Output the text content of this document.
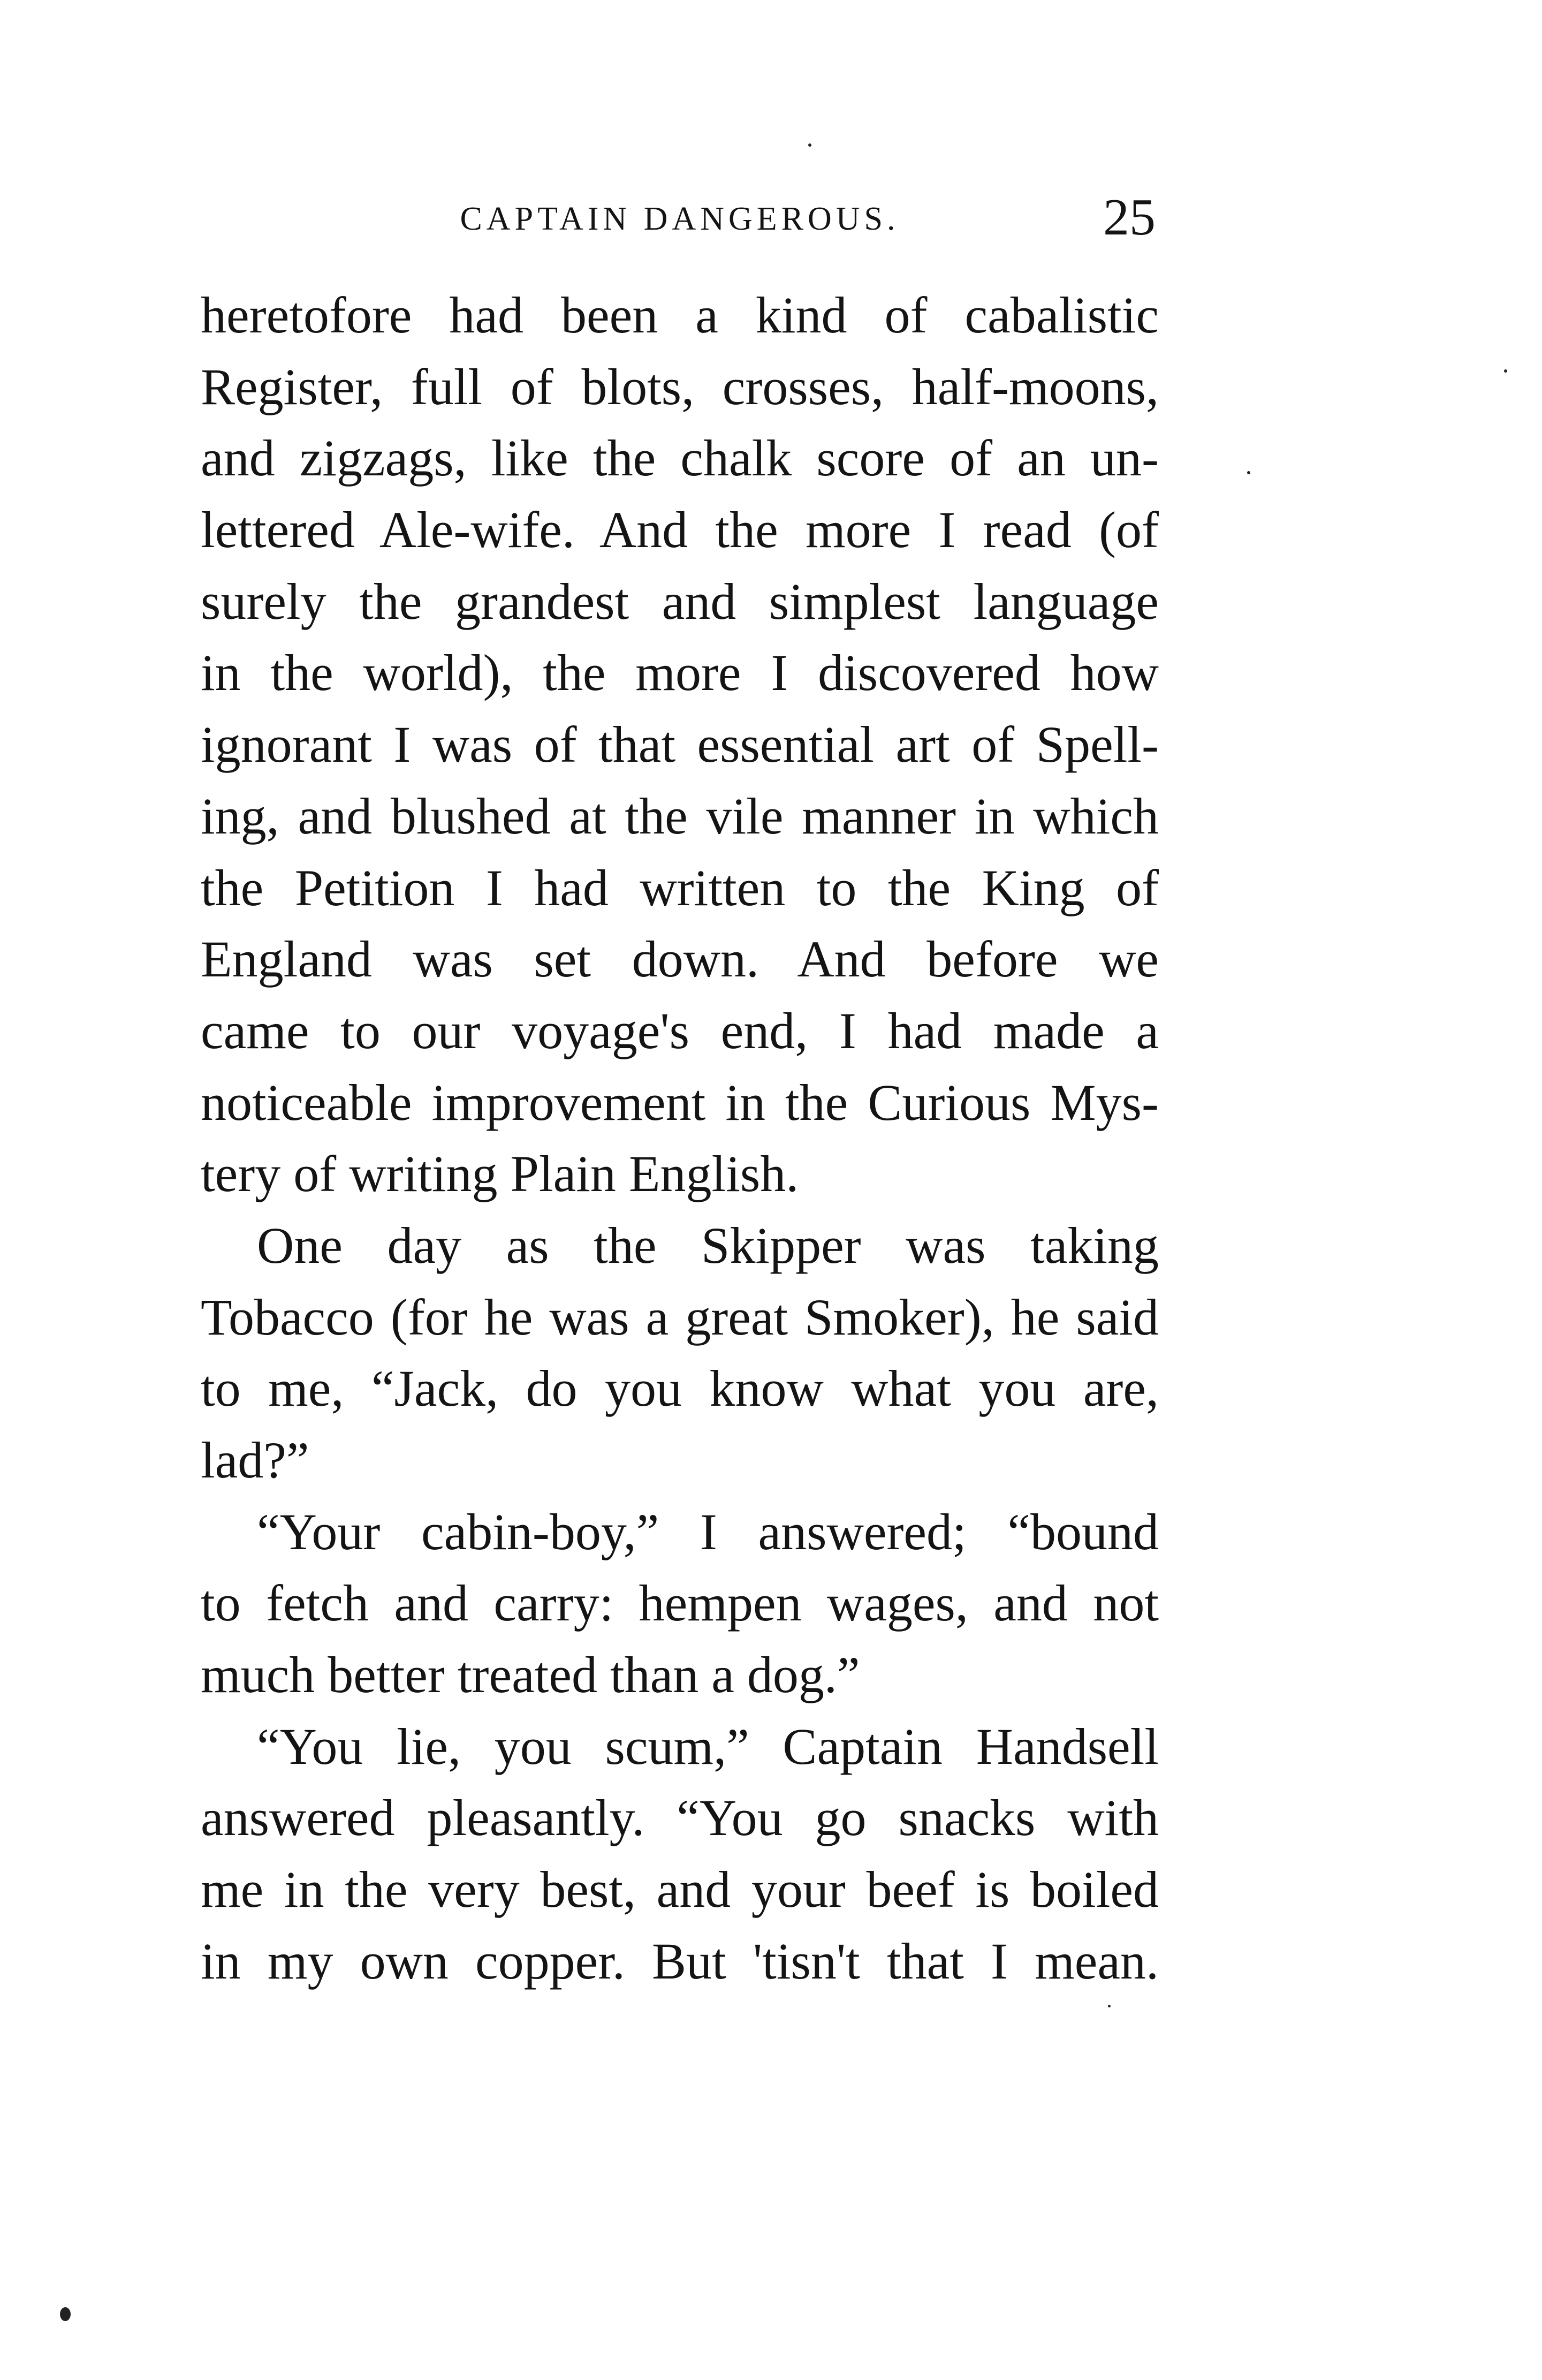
CAPTAIN DANGEROUS.	25
heretofore had been a kind of cabalistic
Register, full of blots, crosses, half-moons,
and zigzags, like the chalk score of an un-
lettered Ale-wife. And the more I read (of
surely the grandest and simplest language
in the world), the more I discovered how
ignorant I was of that essential art of Spell-
ing, and blushed at the vile manner in which
the Petition I had written to the King of
England was set down. And before we
came to our voyage's end, I had made a
noticeable improvement in the Curious Mys-
tery of writing Plain English.
One day as the Skipper was taking
Tobacco (for he was a great Smoker), he said
to me, “Jack, do you know what you are,
lad?”
“Your cabin-boy,” I answered; “bound
to fetch and carry: hempen wages, and not
much better treated than a dog.”
“You lie, you scum,” Captain Handsell
answered pleasantly. “You go snacks with
me in the very best, and your beef is boiled
in my own copper. But 'tisn't that I mean.
